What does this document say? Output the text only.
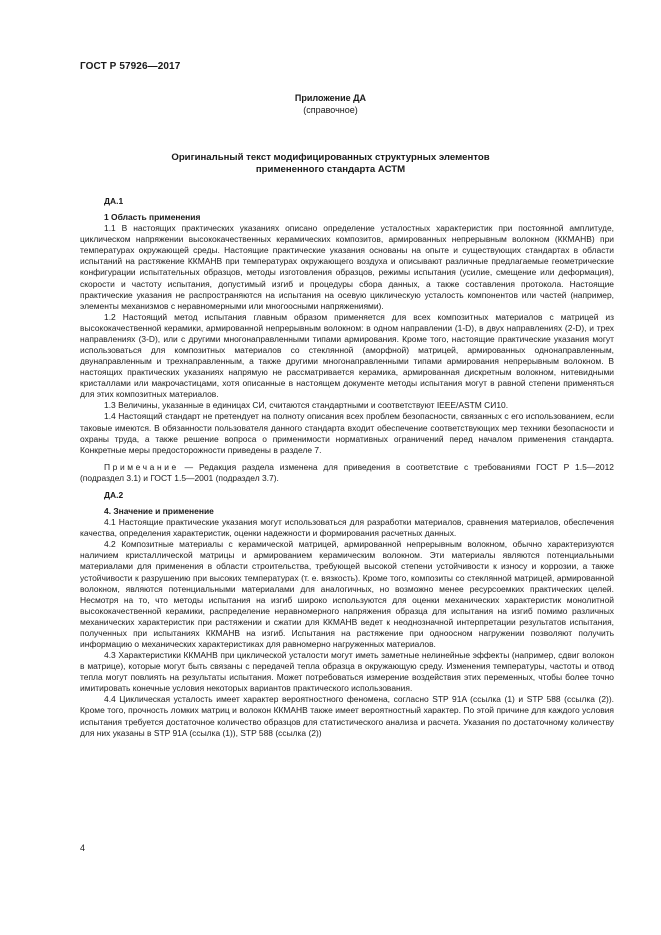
ГОСТ Р 57926—2017
Приложение ДА
(справочное)
Оригинальный текст модифицированных структурных элементов
примененного стандарта АСТМ

ДА.1

1 Область применения

1.1 В настоящих практических указаниях описано определение усталостных характеристик при постоянной амплитуде, циклическом напряжении высококачественных керамических композитов, армированных непрерывным волокном (ККМАНВ) при температурах окружающей среды. Настоящие практические указания основаны на опыте и существующих стандартах в области испытаний на растяжение ККМАНВ при температурах окружающего воздуха и описывают различные предлагаемые геометрические конфигурации испытательных образцов, методы изготовления образцов, режимы испытания (усилие, смещение или деформация), скорости и частоту испытания, допустимый изгиб и процедуры сбора данных, а также составления протокола. Настоящие практические указания не распространяются на испытания на осевую циклическую усталость компонентов или частей (например, элементы механизмов с неравномерными или многоосными напряжениями).

1.2 Настоящий метод испытания главным образом применяется для всех композитных материалов с матрицей из высококачественной керамики, армированной непрерывным волокном: в одном направлении (1-D), в двух направлениях (2-D), и трех направлениях (3-D), или с другими многонаправленными типами армирования. Кроме того, настоящие практические указания могут использоваться для композитных материалов со стеклянной (аморфной) матрицей, армированных однонаправленным, двунаправленным и трехнаправленным, а также другими многонаправленными типами армирования непрерывным волокном. В настоящих практических указаниях напрямую не рассматривается керамика, армированная дискретным волокном, нитевидными кристаллами или макрочастицами, хотя описанные в настоящем документе методы испытания могут в равной степени применяться для этих композитных материалов.

1.3 Величины, указанные в единицах СИ, считаются стандартными и соответствуют IEEE/ASTM СИ10.

1.4 Настоящий стандарт не претендует на полноту описания всех проблем безопасности, связанных с его использованием, если таковые имеются. В обязанности пользователя данного стандарта входит обеспечение соответствующих мер техники безопасности и охраны труда, а также решение вопроса о применимости нормативных ограничений перед началом применения стандарта. Конкретные меры предосторожности приведены в разделе 7.

Примечание — Редакция раздела изменена для приведения в соответствие с требованиями ГОСТ Р 1.5—2012 (подраздел 3.1) и ГОСТ 1.5—2001 (подраздел 3.7).

ДА.2

4. Значение и применение

4.1 Настоящие практические указания могут использоваться для разработки материалов, сравнения материалов, обеспечения качества, определения характеристик, оценки надежности и формирования расчетных данных.

4.2 Композитные материалы с керамической матрицей, армированной непрерывным волокном, обычно характеризуются наличием кристаллической матрицы и армированием керамическим волокном. Эти материалы являются потенциальными материалами для применения в области строительства, требующей высокой степени устойчивости к износу и коррозии, а также устойчивости к разрушению при высоких температурах (т. е. вязкость). Кроме того, композиты со стеклянной матрицей, армированной волокном, являются потенциальными материалами для аналогичных, но возможно менее ресурсоемких практических целей. Несмотря на то, что методы испытания на изгиб широко используются для оценки механических характеристик монолитной высококачественной керамики, распределение неравномерного напряжения образца для испытания на изгиб помимо различных механических характеристик при растяжении и сжатии для ККМАНВ ведет к неоднозначной интерпретации результатов испытания, полученных при испытаниях ККМАНВ на изгиб. Испытания на растяжение при одноосном нагружении позволяют получить информацию о механических характеристиках для равномерно нагруженных материалов.

4.3 Характеристики ККМАНВ при циклической усталости могут иметь заметные нелинейные эффекты (например, сдвиг волокон в матрице), которые могут быть связаны с передачей тепла образца в окружающую среду. Изменения температуры, частоты и отвод тепла могут повлиять на результаты испытания. Может потребоваться измерение воздействия этих переменных, чтобы более точно имитировать конечные условия некоторых вариантов практического использования.

4.4 Циклическая усталость имеет характер вероятностного феномена, согласно STP 91A (ссылка (1) и STP 588 (ссылка (2)). Кроме того, прочность ломких матриц и волокон ККМАНВ также имеет вероятностный характер. По этой причине для каждого условия испытания требуется достаточное количество образцов для статистического анализа и расчета. Указания по достаточному количеству для них указаны в STP 91A (ссылка (1)), STP 588 (ссылка (2))

4
